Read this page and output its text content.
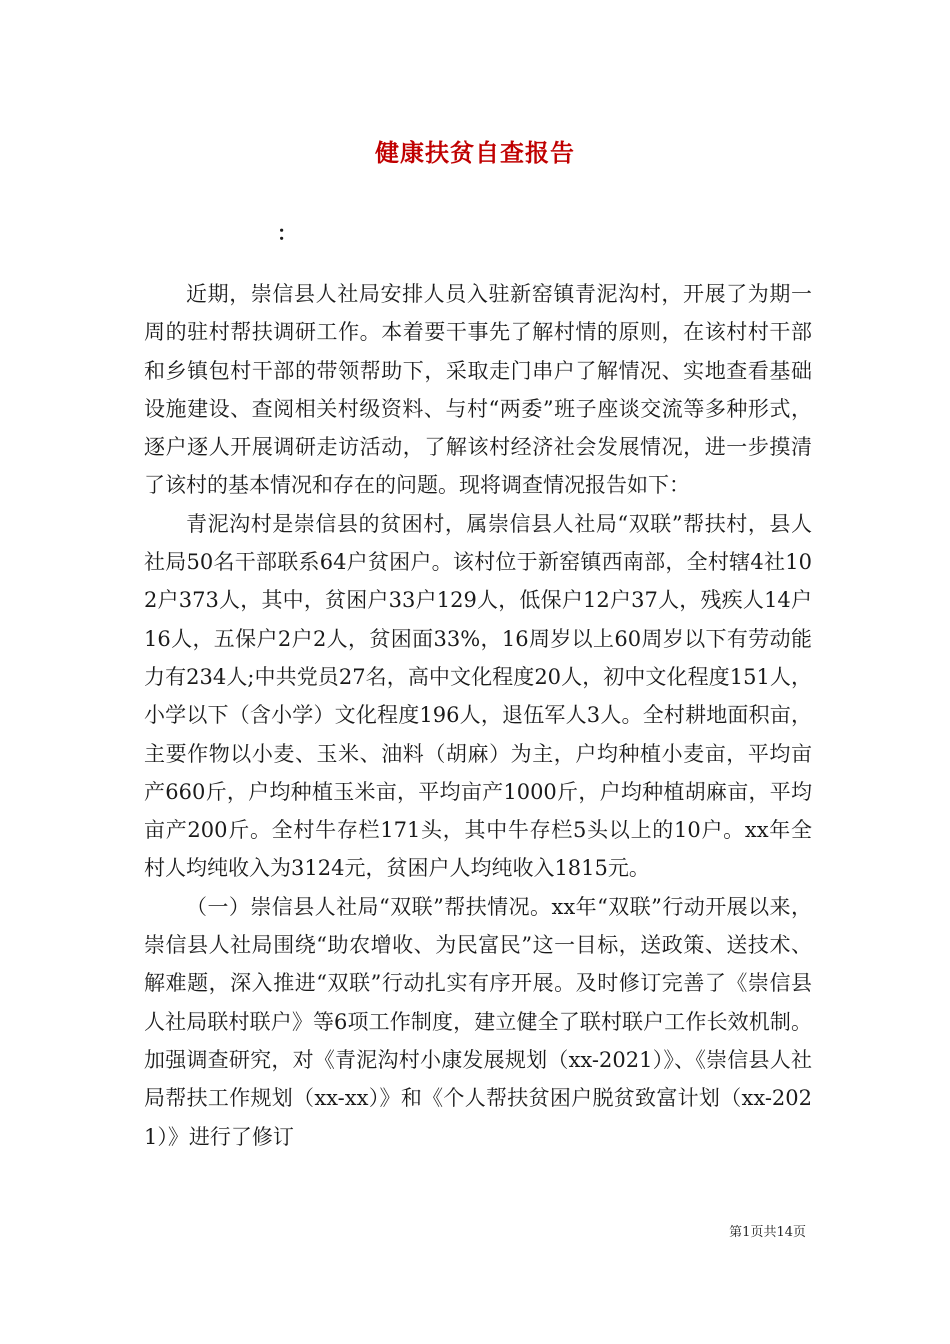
健康扶贫自查报告

：

近期，崇信县人社局安排人员入驻新窑镇青泥沟村，开展了为期一周的驻村帮扶调研工作。本着要干事先了解村情的原则，在该村村干部和乡镇包村干部的带领帮助下，采取走门串户了解情况、实地查看基础设施建设、查阅相关村级资料、与村“两委”班子座谈交流等多种形式，逐户逐人开展调研走访活动，了解该村经济社会发展情况，进一步摸清了该村的基本情况和存在的问题。现将调查情况报告如下：

青泥沟村是崇信县的贫困村，属崇信县人社局“双联”帮扶村，县人社局50名干部联系64户贫困户。该村位于新窑镇西南部，全村辖4社102户373人，其中，贫困户33户129人，低保户12户37人，残疾人14户16人，五保户2户2人，贫困面33%，16周岁以上60周岁以下有劳动能力有234人;中共党员27名，高中文化程度20人，初中文化程度151人，小学以下（含小学）文化程度196人，退伍军人3人。全村耕地面积亩，主要作物以小麦、玉米、油料（胡麻）为主，户均种植小麦亩，平均亩产660斤，户均种植玉米亩，平均亩产1000斤，户均种植胡麻亩，平均亩产200斤。全村牛存栏171头，其中牛存栏5头以上的10户。xx年全村人均纯收入为3124元，贫困户人均纯收入1815元。

（一）崇信县人社局“双联”帮扶情况。xx年“双联”行动开展以来，崇信县人社局围绕“助农增收、为民富民”这一目标，送政策、送技术、解难题，深入推进“双联”行动扎实有序开展。及时修订完善了《崇信县人社局联村联户》等6项工作制度，建立健全了联村联户工作长效机制。加强调查研究，对《青泥沟村小康发展规划（xx-2021）》、《崇信县人社局帮扶工作规划（xx-xx）》和《个人帮扶贫困户脱贫致富计划（xx-2021）》进行了修订

第1页共14页
